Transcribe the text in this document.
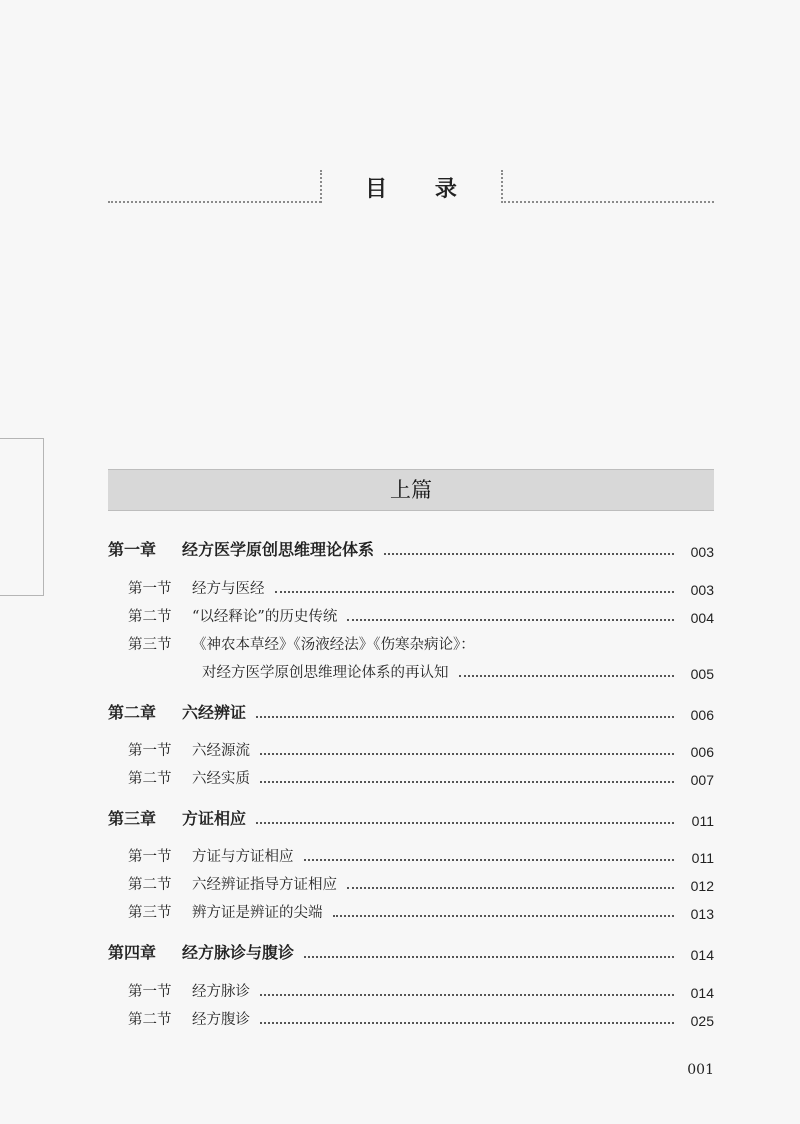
目 录
上篇
第一章 经方医学原创思维理论体系	003
第一节 经方与医经	003
第二节 “以经释论”的历史传统	004
第三节 《神农本草经》《汤液经法》《伤寒杂病论》：
对经方医学原创思维理论体系的再认知	005
第二章 六经辨证	006
第一节 六经源流	006
第二节 六经实质	007
第三章 方证相应	011
第一节 方证与方证相应	011
第二节 六经辨证指导方证相应	012
第三节 辨方证是辨证的尖端	013
第四章 经方脉诊与腹诊	014
第一节 经方脉诊	014
第二节 经方腹诊	025
001
